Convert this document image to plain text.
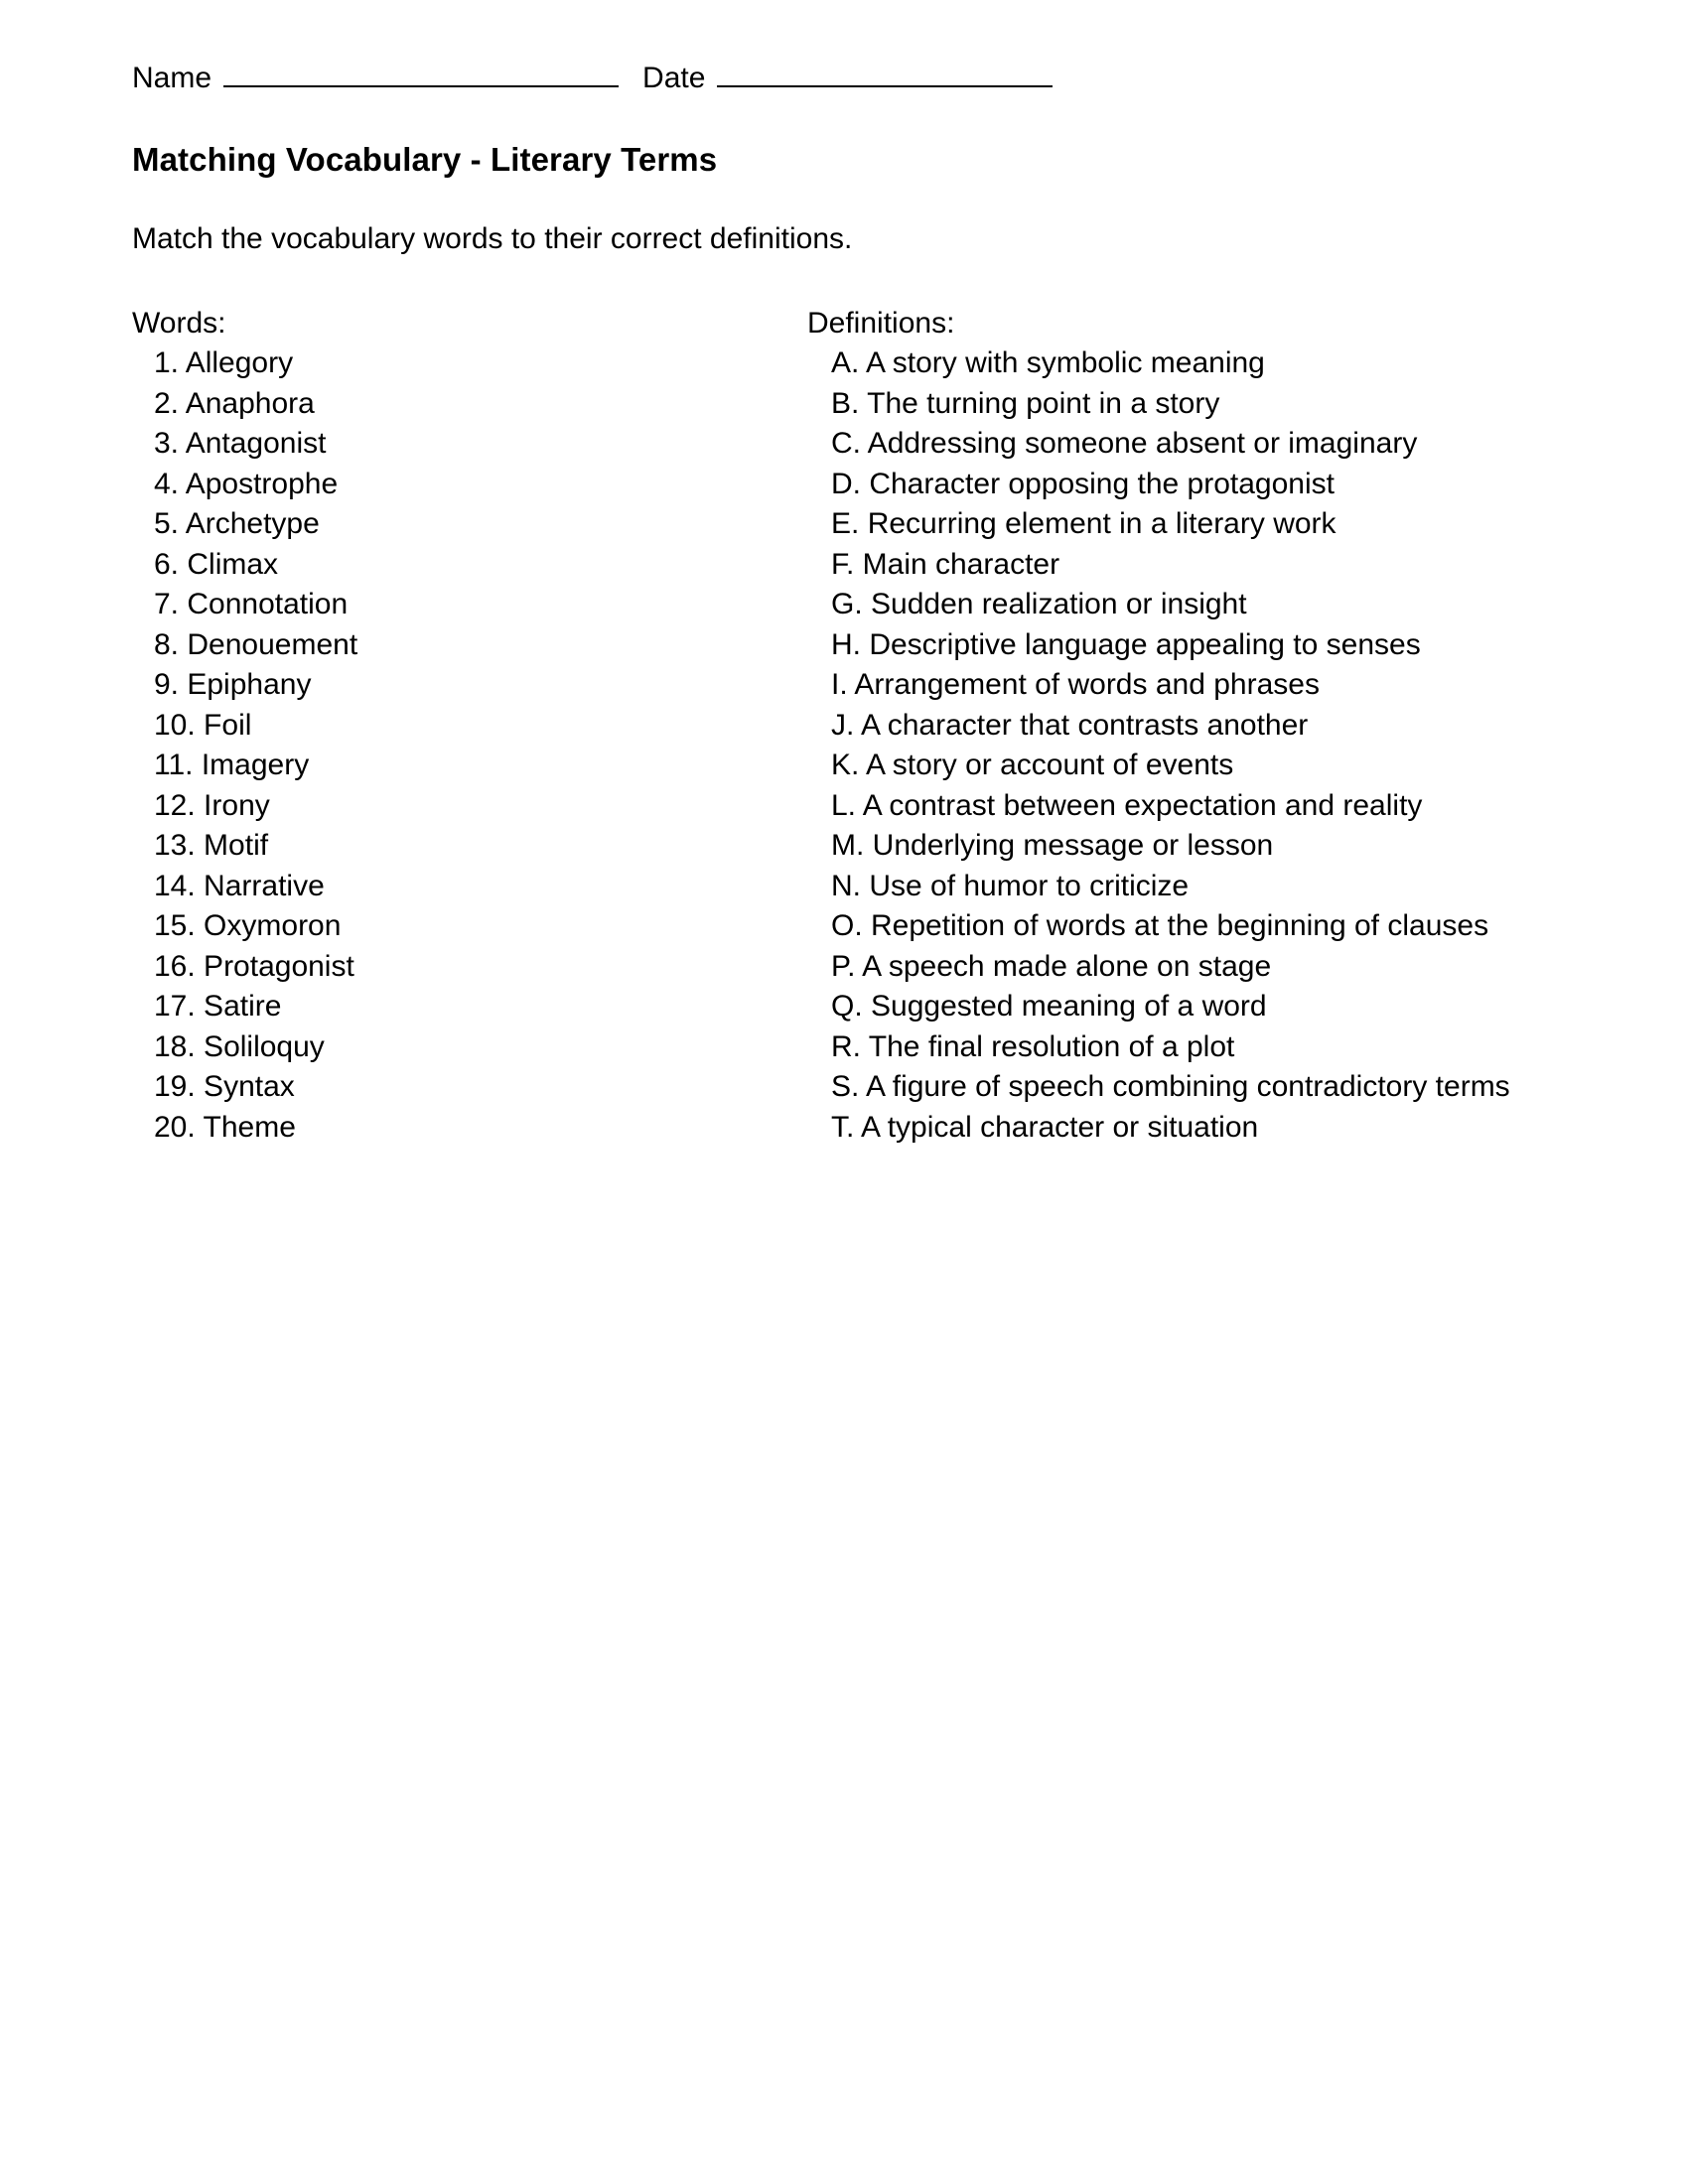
Name	Date
Matching Vocabulary - Literary Terms
Match the vocabulary words to their correct definitions.
Words:
1. Allegory
2. Anaphora
3. Antagonist
4. Apostrophe
5. Archetype
6. Climax
7. Connotation
8. Denouement
9. Epiphany
10. Foil
11. Imagery
12. Irony
13. Motif
14. Narrative
15. Oxymoron
16. Protagonist
17. Satire
18. Soliloquy
19. Syntax
20. Theme
Definitions:
A. A story with symbolic meaning
B. The turning point in a story
C. Addressing someone absent or imaginary
D. Character opposing the protagonist
E. Recurring element in a literary work
F. Main character
G. Sudden realization or insight
H. Descriptive language appealing to senses
I. Arrangement of words and phrases
J. A character that contrasts another
K. A story or account of events
L. A contrast between expectation and reality
M. Underlying message or lesson
N. Use of humor to criticize
O. Repetition of words at the beginning of clauses
P. A speech made alone on stage
Q. Suggested meaning of a word
R. The final resolution of a plot
S. A figure of speech combining contradictory terms
T. A typical character or situation
